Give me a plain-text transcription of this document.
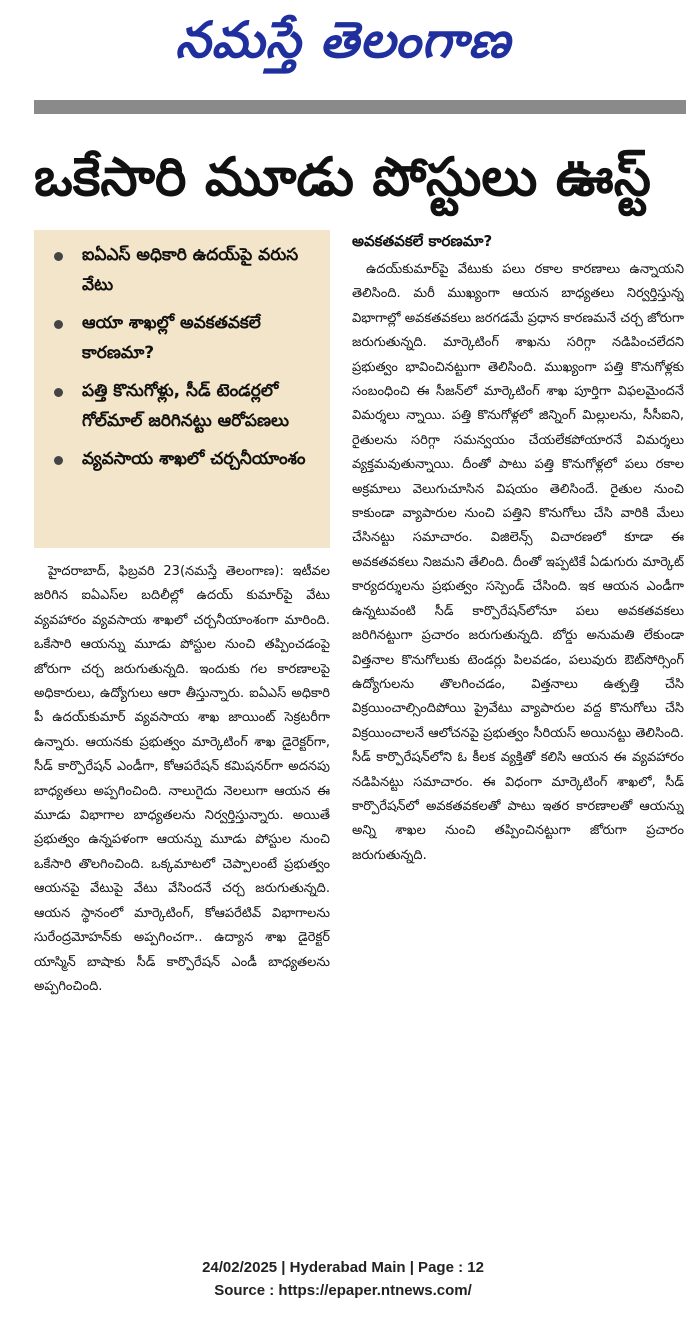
నమస్తే తెలంగాణ
ఒకేసారి మూడు పోస్టులు ఊస్ట్
ఐఏఎస్ అధికారి ఉదయ్‌పై వరుస వేటు
ఆయా శాఖల్లో అవకతవకలే కారణమా?
పత్తి కొనుగోళ్లు, సీడ్ టెండర్లలో గోల్‌మాల్ జరిగినట్టు ఆరోపణలు
వ్యవసాయ శాఖలో చర్చనీయాంశం

హైదరాబాద్, ఫిబ్రవరి 23(నమస్తే తెలంగాణ): ఇటీవల జరిగిన ఐఏఎస్‌ల బదిలీల్లో ఉదయ్ కుమార్‌పై వేటు వ్యవహారం వ్యవసాయ శాఖలో చర్చనీయాంశంగా మారింది. ఒకేసారి ఆయన్ను మూడు పోస్టుల నుంచి తప్పించడంపై జోరుగా చర్చ జరుగుతున్నది. ఇందుకు గల కారణాలపై అధికారులు, ఉద్యోగులు ఆరా తీస్తున్నారు. ఐఏఎస్ అధికారి పీ ఉదయ్‌కుమార్ వ్యవసాయ శాఖ జాయింట్ సెక్రటరీగా ఉన్నారు. ఆయనకు ప్రభుత్వం మార్కెటింగ్ శాఖ డైరెక్టర్‌గా, సీడ్ కార్పొరేషన్ ఎండీగా, కోఆపరేషన్ కమిషనర్‌గా అదనపు బాధ్యతలు అప్పగించింది. నాలుగైదు నెలలుగా ఆయన ఈ మూడు విభాగాల బాధ్యతలను నిర్వర్తిస్తున్నారు. అయితే ప్రభుత్వం ఉన్నపళంగా ఆయన్ను మూడు పోస్టుల నుంచి ఒకేసారి తొలగించింది. ఒక్కమాటలో చెప్పాలంటే ప్రభుత్వం ఆయనపై వేటుపై వేటు వేసిందనే చర్చ జరుగుతున్నది. ఆయన స్థానంలో మార్కెటింగ్, కోఆపరేటివ్ విభాగాలను సురేంద్రమోహన్‌కు అప్పగించగా.. ఉద్యాన శాఖ డైరెక్టర్ యాస్మిన్ బాషాకు సీడ్ కార్పొరేషన్ ఎండీ బాధ్యతలను అప్పగించింది.

అవకతవకలే కారణమా?

ఉదయ్‌కుమార్‌పై వేటుకు పలు రకాల కారణాలు ఉన్నాయని తెలిసింది. మరీ ముఖ్యంగా ఆయన బాధ్యతలు నిర్వర్తిస్తున్న విభాగాల్లో అవకతవకలు జరగడమే ప్రధాన కారణమనే చర్చ జోరుగా జరుగుతున్నది. మార్కెటింగ్ శాఖను సరిగ్గా నడిపించలేదని ప్రభుత్వం భావించినట్టుగా తెలిసింది. ముఖ్యంగా పత్తి కొనుగోళ్లకు సంబంధించి ఈ సీజన్‌లో మార్కెటింగ్ శాఖ పూర్తిగా విఫలమైందనే విమర్శలు న్నాయి. పత్తి కొనుగోళ్లలో జిన్నింగ్ మిల్లులను, సీసీఐని, రైతులను సరిగ్గా సమన్వయం చేయలేకపోయారనే విమర్శలు వ్యక్తమవుతున్నాయి. దీంతో పాటు పత్తి కొనుగోళ్లలో పలు రకాల అక్రమాలు వెలుగుచూసిన విషయం తెలిసిందే. రైతుల నుంచి కాకుండా వ్యాపారుల నుంచి పత్తిని కొనుగోలు చేసి వారికి మేలు చేసినట్టు సమాచారం. విజిలెన్స్ విచారణలో కూడా ఈ అవకతవకలు నిజమని తేలింది. దీంతో ఇప్పటికే ఏడుగురు మార్కెట్ కార్యదర్శులను ప్రభుత్వం సస్పెండ్ చేసింది. ఇక ఆయన ఎండీగా ఉన్నటువంటి సీడ్ కార్పొరేషన్‌లోనూ పలు అవకతవకలు జరిగినట్టుగా ప్రచారం జరుగుతున్నది. బోర్డు అనుమతి లేకుండా విత్తనాల కొనుగోలుకు టెండర్లు పిలవడం, పలువురు ఔట్‌సోర్సింగ్ ఉద్యోగులను తొలగించడం, విత్తనాలు ఉత్పత్తి చేసి విక్రయించాల్సిందిపోయి ప్రైవేటు వ్యాపారుల వద్ద కొనుగోలు చేసి విక్రయించాలనే ఆలోచనపై ప్రభుత్వం సీరియస్ అయినట్టు తెలిసింది. సీడ్ కార్పొరేషన్‌లోని ఓ కీలక వ్యక్తితో కలిసి ఆయన ఈ వ్యవహారం నడిపినట్టు సమాచారం. ఈ విధంగా మార్కెటింగ్ శాఖలో, సీడ్ కార్పొరేషన్‌లో అవకతవకలతో పాటు ఇతర కారణాలతో ఆయన్ను అన్ని శాఖల నుంచి తప్పించినట్టుగా జోరుగా ప్రచారం జరుగుతున్నది.

24/02/2025 | Hyderabad Main | Page : 12
Source : https://epaper.ntnews.com/
